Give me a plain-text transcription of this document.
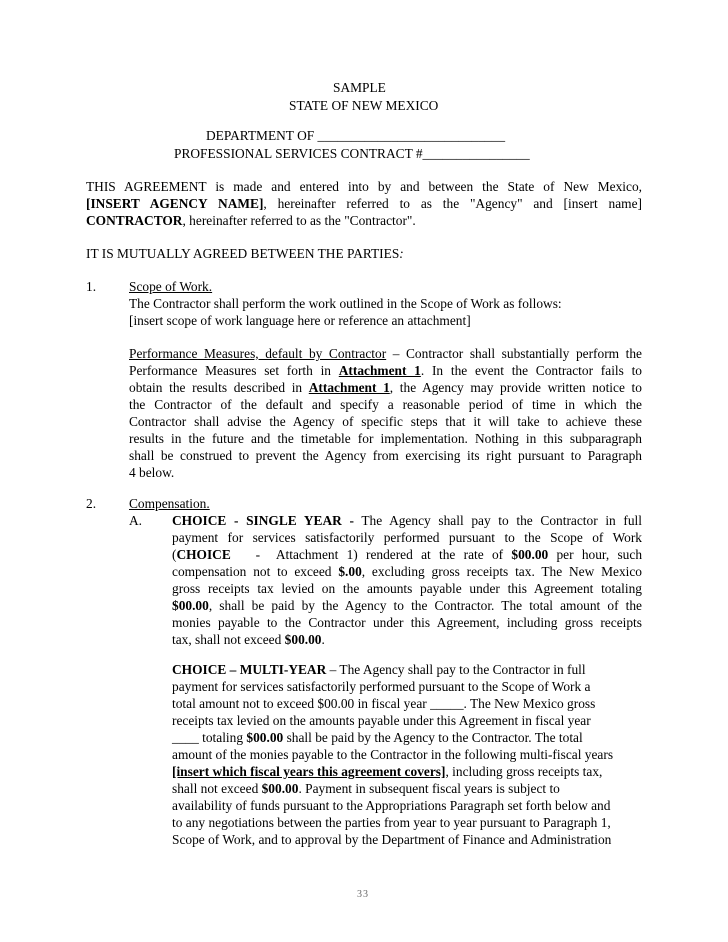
SAMPLE
STATE OF NEW MEXICO
DEPARTMENT OF ____________________________
PROFESSIONAL SERVICES CONTRACT #________________
THIS AGREEMENT is made and entered into by and between the State of New Mexico,
[INSERT AGENCY NAME], hereinafter referred to as the "Agency" and [insert name]
CONTRACTOR, hereinafter referred to as the "Contractor".
IT IS MUTUALLY AGREED BETWEEN THE PARTIES:
1. Scope of Work.
The Contractor shall perform the work outlined in the Scope of Work as follows:
[insert scope of work language here or reference an attachment]
Performance Measures, default by Contractor – Contractor shall substantially perform the
Performance Measures set forth in Attachment 1. In the event the Contractor fails to
obtain the results described in Attachment 1, the Agency may provide written notice to
the Contractor of the default and specify a reasonable period of time in which the
Contractor shall advise the Agency of specific steps that it will take to achieve these
results in the future and the timetable for implementation. Nothing in this subparagraph
shall be construed to prevent the Agency from exercising its right pursuant to Paragraph
4 below.
2. Compensation.
A. CHOICE - SINGLE YEAR - The Agency shall pay to the Contractor in full
payment for services satisfactorily performed pursuant to the Scope of Work
(CHOICE   -  Attachment 1) rendered at the rate of $00.00 per hour, such
compensation not to exceed $.00, excluding gross receipts tax. The New Mexico
gross receipts tax levied on the amounts payable under this Agreement totaling
$00.00, shall be paid by the Agency to the Contractor. The total amount of the
monies payable to the Contractor under this Agreement, including gross receipts
tax, shall not exceed $00.00.
CHOICE – MULTI-YEAR – The Agency shall pay to the Contractor in full
payment for services satisfactorily performed pursuant to the Scope of Work a
total amount not to exceed $00.00 in fiscal year _____. The New Mexico gross
receipts tax levied on the amounts payable under this Agreement in fiscal year
____ totaling $00.00 shall be paid by the Agency to the Contractor. The total
amount of the monies payable to the Contractor in the following multi-fiscal years
[insert which fiscal years this agreement covers], including gross receipts tax,
shall not exceed $00.00. Payment in subsequent fiscal years is subject to
availability of funds pursuant to the Appropriations Paragraph set forth below and
to any negotiations between the parties from year to year pursuant to Paragraph 1,
Scope of Work, and to approval by the Department of Finance and Administration
33
